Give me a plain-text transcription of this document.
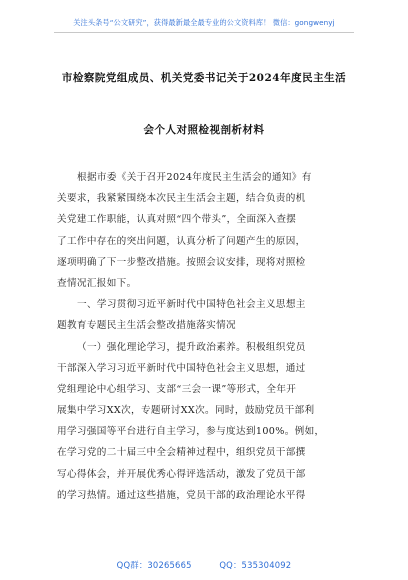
关注头条号“公文研究”，获得最新最全最专业的公文资料库！ 微信：gongwenyj
市检察院党组成员、机关党委书记关于2024年度民主生活
会个人对照检视剖析材料
根据市委《关于召开2024年度民主生活会的通知》有
关要求，我紧紧围绕本次民主生活会主题，结合负责的机
关党建工作职能，认真对照“四个带头”，全面深入查摆
了工作中存在的突出问题，认真分析了问题产生的原因，
逐项明确了下一步整改措施。按照会议安排，现将对照检
查情况汇报如下。
一、学习贯彻习近平新时代中国特色社会主义思想主
题教育专题民主生活会整改措施落实情况
（一）强化理论学习，提升政治素养。积极组织党员
干部深入学习习近平新时代中国特色社会主义思想，通过
党组理论中心组学习、支部“三会一课”等形式，全年开
展集中学习XX次，专题研讨XX次。同时，鼓励党员干部利
用学习强国等平台进行自主学习，参与度达到100%。例如，
在学习党的二十届三中全会精神过程中，组织党员干部撰
写心得体会，并开展优秀心得评选活动，激发了党员干部
的学习热情。通过这些措施，党员干部的政治理论水平得
QQ群：30265665	QQ：535304092
